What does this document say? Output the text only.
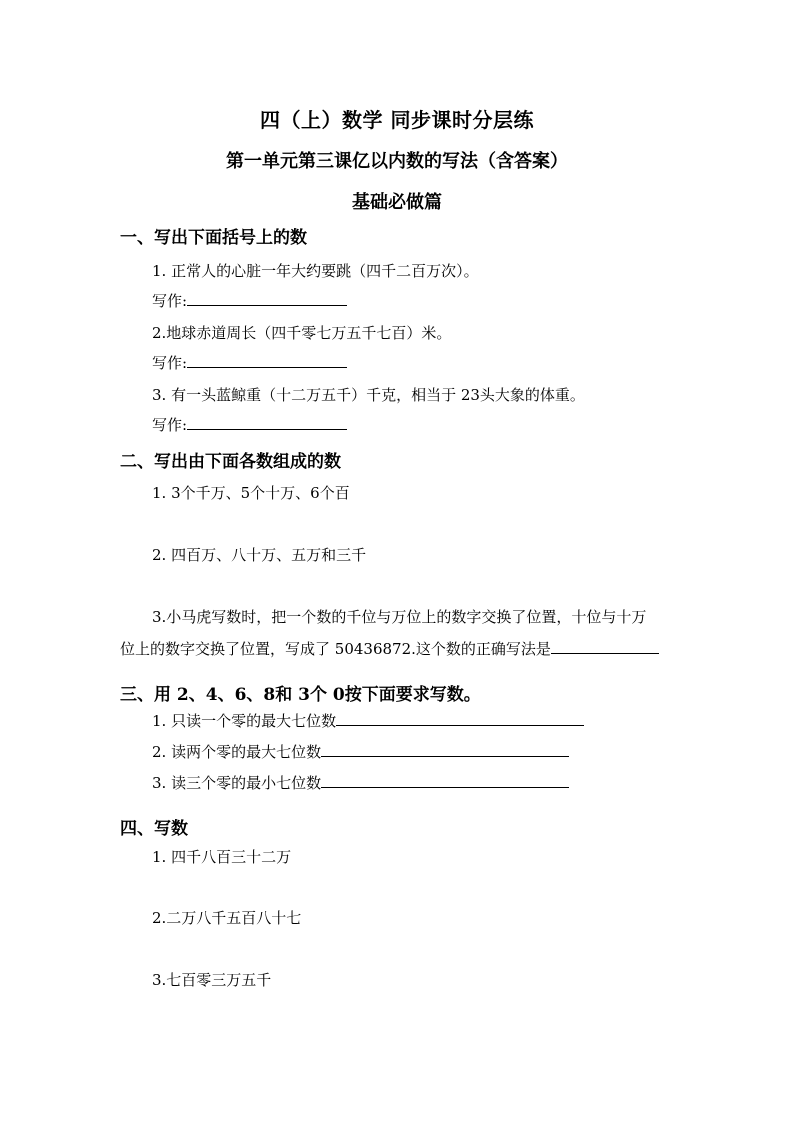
四（上）数学 同步课时分层练
第一单元第三课亿以内数的写法（含答案）
基础必做篇
一、写出下面括号上的数
1. 正常人的心脏一年大约要跳（四千二百万次）。
写作:
2.地球赤道周长（四千零七万五千七百）米。
写作:
3. 有一头蓝鲸重（十二万五千）千克，相当于 23头大象的体重。
写作:
二、写出由下面各数组成的数
1. 3个千万、5个十万、6个百
2. 四百万、八十万、五万和三千
3.小马虎写数时，把一个数的千位与万位上的数字交换了位置，十位与十万
位上的数字交换了位置，写成了 50436872.这个数的正确写法是
三、用 2、4、6、8和 3个 0按下面要求写数。
1. 只读一个零的最大七位数
2. 读两个零的最大七位数
3. 读三个零的最小七位数
四、写数
1. 四千八百三十二万
2.二万八千五百八十七
3.七百零三万五千
